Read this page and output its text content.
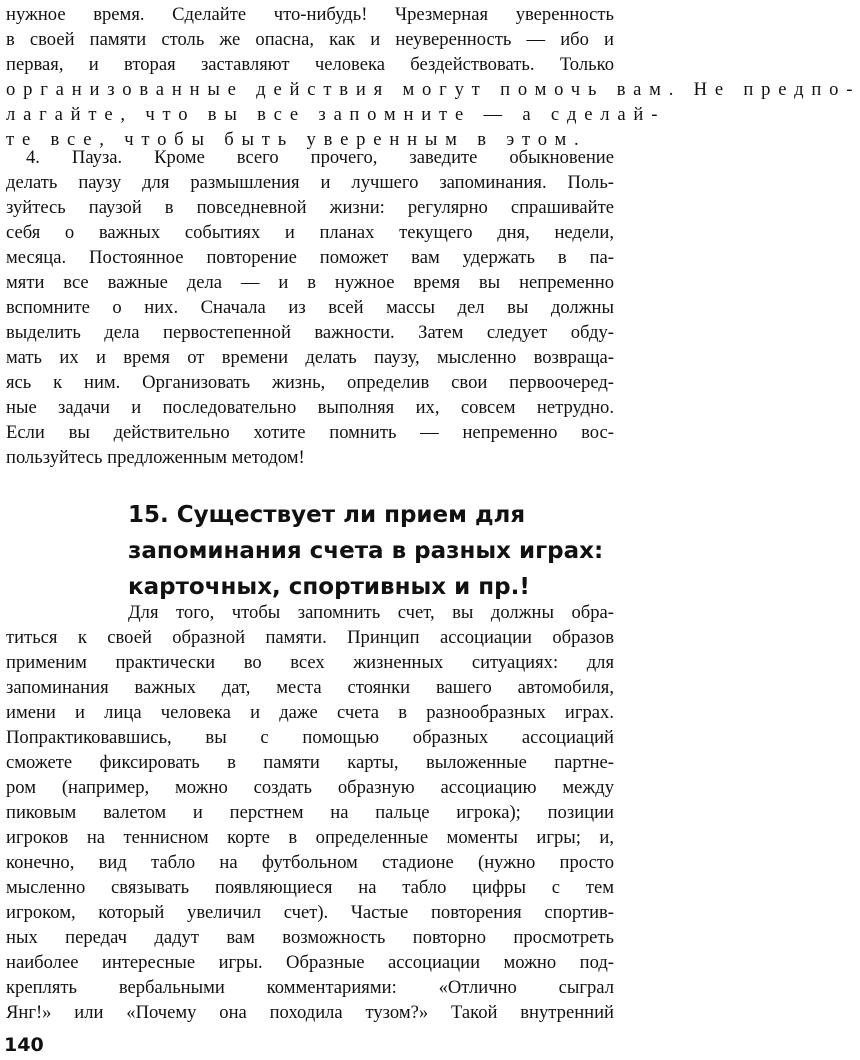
нужное время. Сделайте что-нибудь! Чрезмерная уверенность
в своей памяти столь же опасна, как и неуверенность — ибо и
первая, и вторая заставляют человека бездействовать. Только
организованные действия могут помочь вам. Не предпо-
лагайте, что вы все запомните — а сделай-
те все, чтобы быть уверенным в этом.
4. Пауза. Кроме всего прочего, заведите обыкновение
делать паузу для размышления и лучшего запоминания. Поль-
зуйтесь паузой в повседневной жизни: регулярно спрашивайте
себя о важных событиях и планах текущего дня, недели,
месяца. Постоянное повторение поможет вам удержать в па-
мяти все важные дела — и в нужное время вы непременно
вспомните о них. Сначала из всей массы дел вы должны
выделить дела первостепенной важности. Затем следует обду-
мать их и время от времени делать паузу, мысленно возвраща-
ясь к ним. Организовать жизнь, определив свои первоочеред-
ные задачи и последовательно выполняя их, совсем нетрудно.
Если вы действительно хотите помнить — непременно вос-
пользуйтесь предложенным методом!
15. Существует ли прием для
запоминания счета в разных играх:
карточных, спортивных и пр.!
Для того, чтобы запомнить счет, вы должны обра-
титься к своей образной памяти. Принцип ассоциации образов
применим практически во всех жизненных ситуациях: для
запоминания важных дат, места стоянки вашего автомобиля,
имени и лица человека и даже счета в разнообразных играх.
Попрактиковавшись, вы с помощью образных ассоциаций
сможете фиксировать в памяти карты, выложенные партне-
ром (например, можно создать образную ассоциацию между
пиковым валетом и перстнем на пальце игрока); позиции
игроков на теннисном корте в определенные моменты игры; и,
конечно, вид табло на футбольном стадионе (нужно просто
мысленно связывать появляющиеся на табло цифры с тем
игроком, который увеличил счет). Частые повторения спортив-
ных передач дадут вам возможность повторно просмотреть
наиболее интересные игры. Образные ассоциации можно под-
креплять вербальными комментариями: «Отлично сыграл
Янг!» или «Почему она походила тузом?» Такой внутренний
140
